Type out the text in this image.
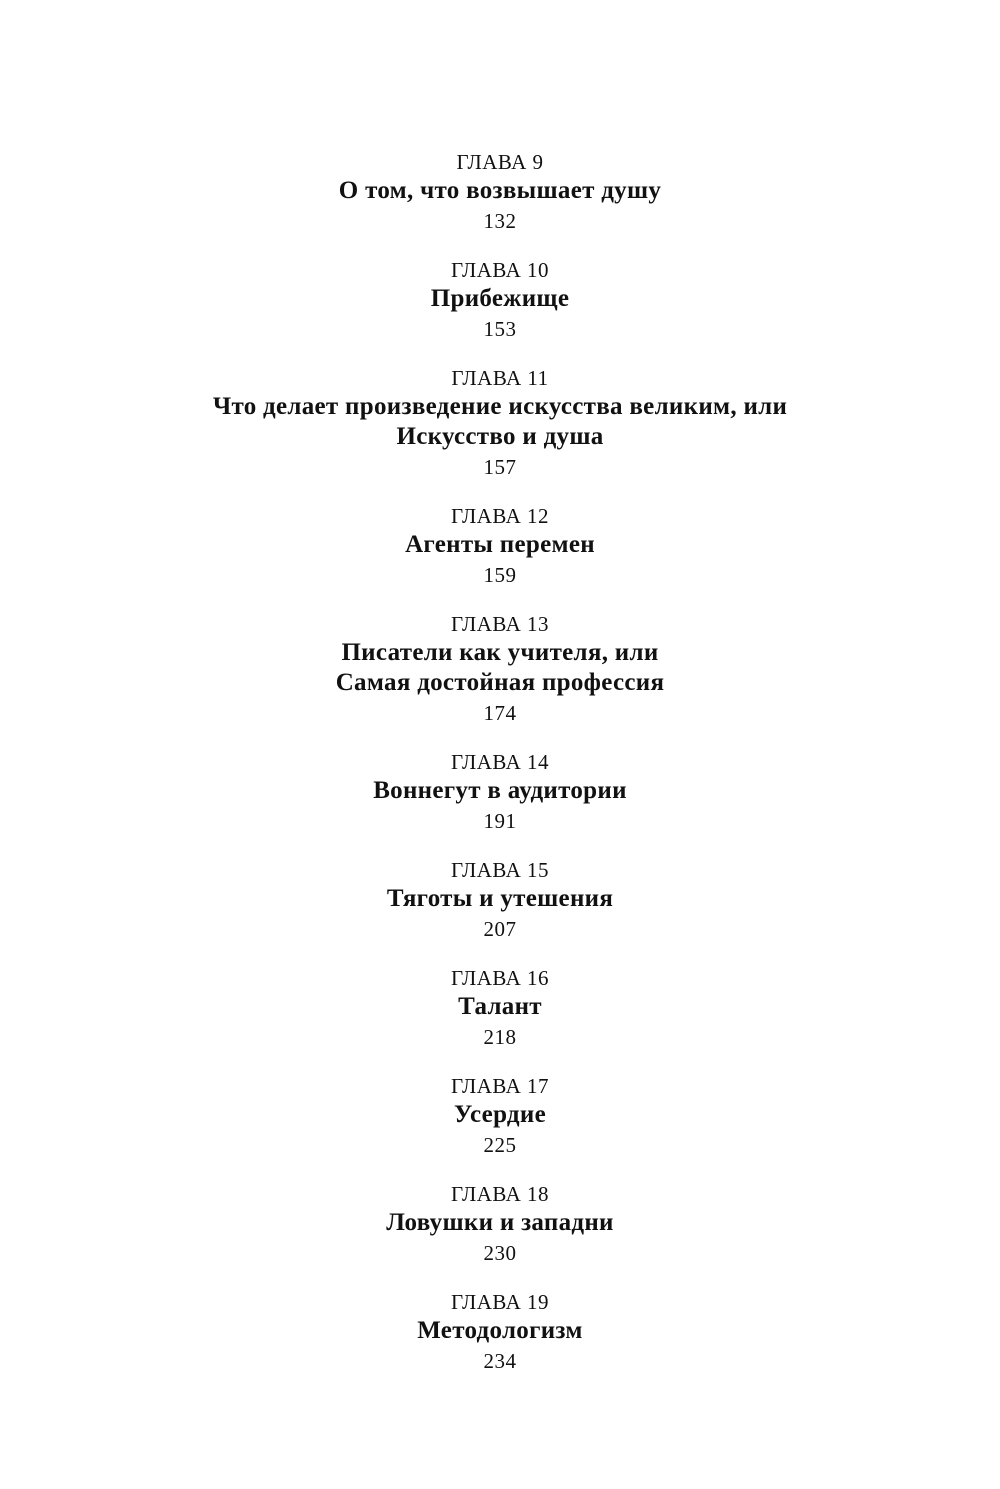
ГЛАВА 9
О том, что возвышает душу
132
ГЛАВА 10
Прибежище
153
ГЛАВА 11
Что делает произведение искусства великим, или
Искусство и душа
157
ГЛАВА 12
Агенты перемен
159
ГЛАВА 13
Писатели как учителя, или
Самая достойная профессия
174
ГЛАВА 14
Воннегут в аудитории
191
ГЛАВА 15
Тяготы и утешения
207
ГЛАВА 16
Талант
218
ГЛАВА 17
Усердие
225
ГЛАВА 18
Ловушки и западни
230
ГЛАВА 19
Методологизм
234
